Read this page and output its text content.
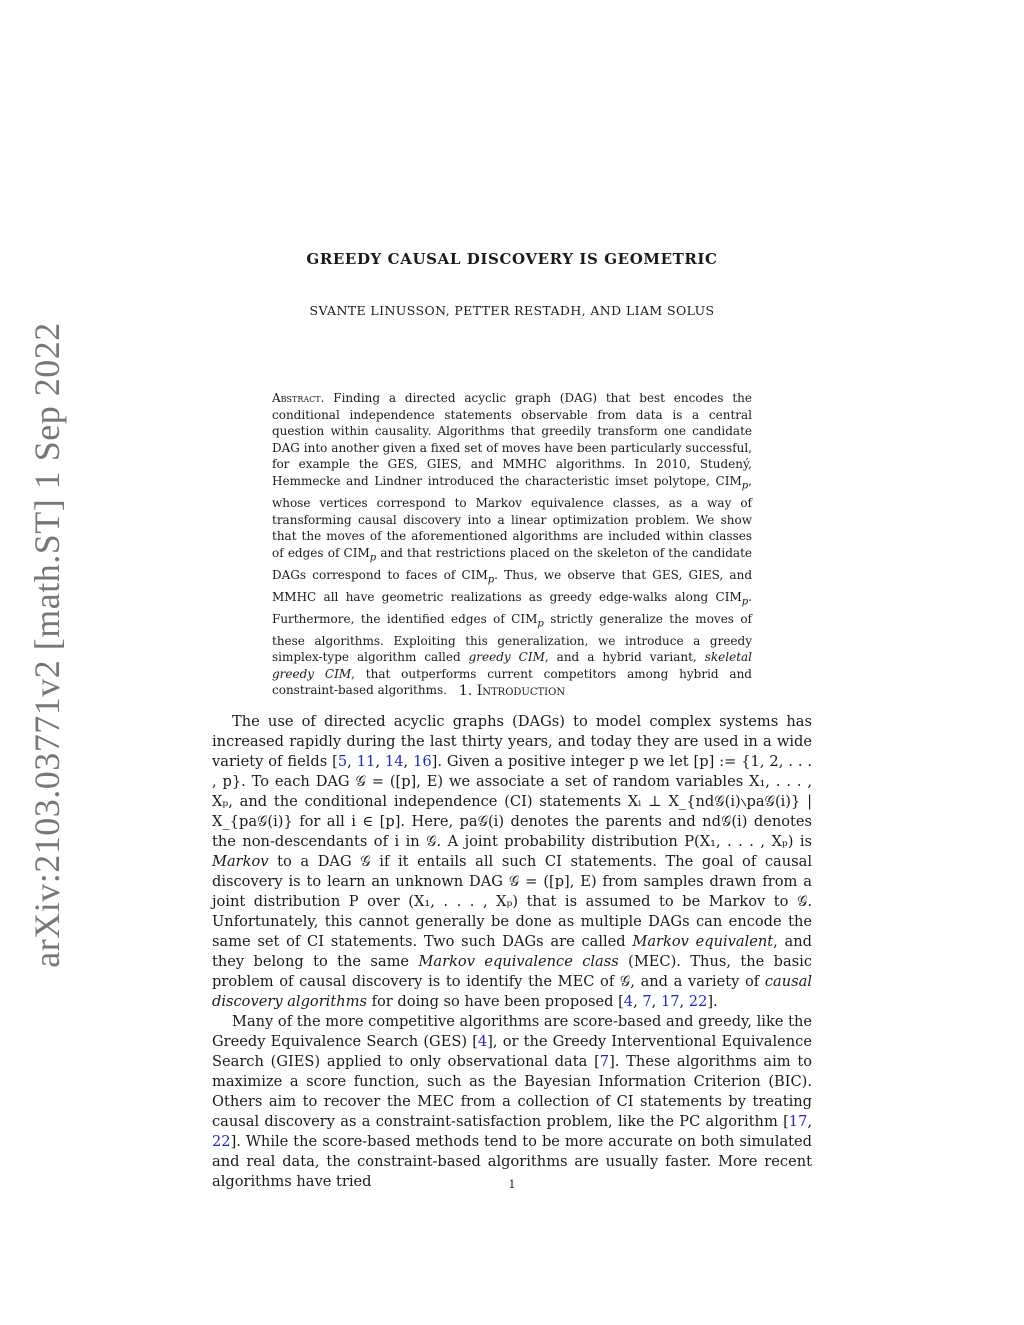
arXiv:2103.03771v2 [math.ST] 1 Sep 2022
GREEDY CAUSAL DISCOVERY IS GEOMETRIC
SVANTE LINUSSON, PETTER RESTADH, AND LIAM SOLUS
Abstract. Finding a directed acyclic graph (DAG) that best encodes the conditional independence statements observable from data is a central question within causality. Algorithms that greedily transform one candidate DAG into another given a fixed set of moves have been particularly successful, for example the GES, GIES, and MMHC algorithms. In 2010, Studený, Hemmecke and Lindner introduced the characteristic imset polytope, $CIM_p$, whose vertices correspond to Markov equivalence classes, as a way of transforming causal discovery into a linear optimization problem. We show that the moves of the aforementioned algorithms are included within classes of edges of $CIM_p$ and that restrictions placed on the skeleton of the candidate DAGs correspond to faces of $CIM_p$. Thus, we observe that GES, GIES, and MMHC all have geometric realizations as greedy edge-walks along $CIM_p$. Furthermore, the identified edges of $CIM_p$ strictly generalize the moves of these algorithms. Exploiting this generalization, we introduce a greedy simplex-type algorithm called greedy CIM, and a hybrid variant, skeletal greedy CIM, that outperforms current competitors among hybrid and constraint-based algorithms. 1. Introduction

The use of directed acyclic graphs (DAGs) to model complex systems has increased rapidly during the last thirty years, and today they are used in a wide variety of fields [5, 11, 14, 16]. Given a positive integer p we let [p] := {1, 2, . . . , p}. To each DAG 𝒢 = ([p], E) we associate a set of random variables X₁, . . . , Xₚ, and the conditional independence (CI) statements Xᵢ ⊥ X_{nd𝒢(i)∖pa𝒢(i)} | X_{pa𝒢(i)} for all i ∈ [p]. Here, pa𝒢(i) denotes the parents and nd𝒢(i) denotes the non-descendants of i in 𝒢. A joint probability distribution P(X₁, . . . , Xₚ) is Markov to a DAG 𝒢 if it entails all such CI statements. The goal of causal discovery is to learn an unknown DAG 𝒢 = ([p], E) from samples drawn from a joint distribution P over (X₁, . . . , Xₚ) that is assumed to be Markov to 𝒢. Unfortunately, this cannot generally be done as multiple DAGs can encode the same set of CI statements. Two such DAGs are called Markov equivalent, and they belong to the same Markov equivalence class (MEC). Thus, the basic problem of causal discovery is to identify the MEC of 𝒢, and a variety of causal discovery algorithms for doing so have been proposed [4, 7, 17, 22].

Many of the more competitive algorithms are score-based and greedy, like the Greedy Equivalence Search (GES) [4], or the Greedy Interventional Equivalence Search (GIES) applied to only observational data [7]. These algorithms aim to maximize a score function, such as the Bayesian Information Criterion (BIC). Others aim to recover the MEC from a collection of CI statements by treating causal discovery as a constraint-satisfaction problem, like the PC algorithm [17, 22]. While the score-based methods tend to be more accurate on both simulated and real data, the constraint-based algorithms are usually faster. More recent algorithms have tried	1
